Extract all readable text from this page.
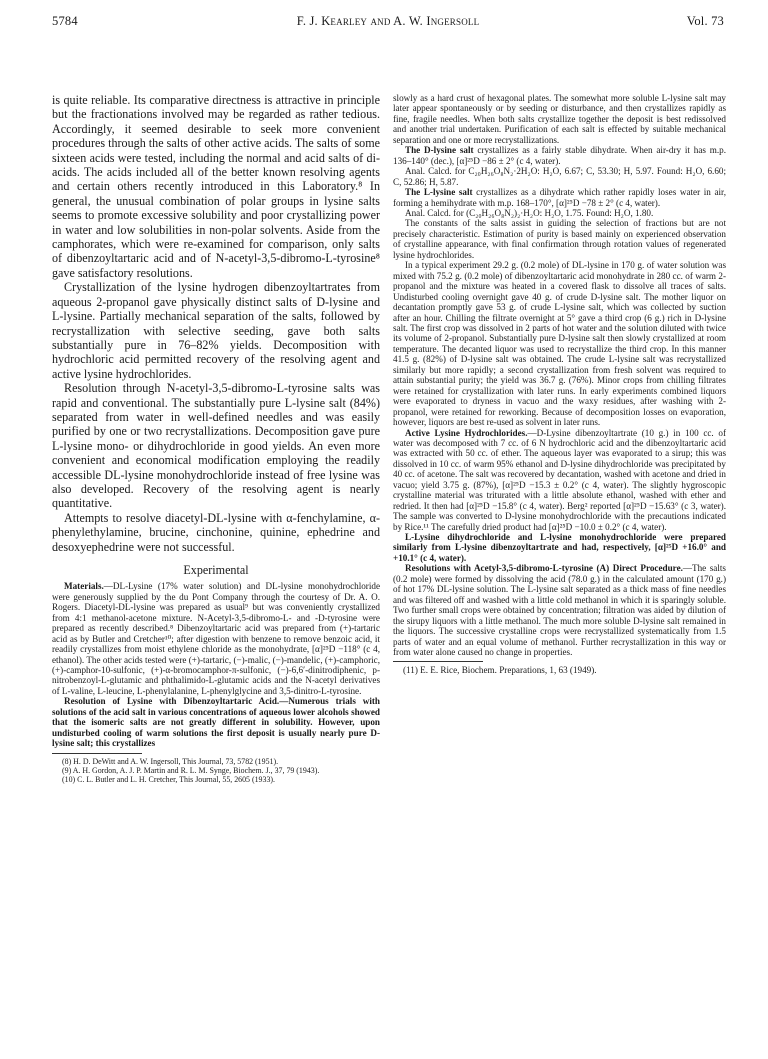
5784	F. J. Kearley and A. W. Ingersoll	Vol. 73

is quite reliable. Its comparative directness is attractive in principle but the fractionations involved may be regarded as rather tedious. Accordingly, it seemed desirable to seek more convenient procedures through the salts of other active acids. The salts of some sixteen acids were tested, including the normal and acid salts of di-acids. The acids included all of the better known resolving agents and certain others recently introduced in this Laboratory.⁸ In general, the unusual combination of polar groups in lysine salts seems to promote excessive solubility and poor crystallizing power in water and low solubilities in non-polar solvents. Aside from the camphorates, which were re-examined for comparison, only salts of dibenzoyltartaric acid and of N-acetyl-3,5-dibromo-L-tyrosine⁸ gave satisfactory resolutions.

Crystallization of the lysine hydrogen dibenzoyltartrates from aqueous 2-propanol gave physically distinct salts of D-lysine and L-lysine. Partially mechanical separation of the salts, followed by recrystallization with selective seeding, gave both salts substantially pure in 76–82% yields. Decomposition with hydrochloric acid permitted recovery of the resolving agent and active lysine hydrochlorides.

Resolution through N-acetyl-3,5-dibromo-L-tyrosine salts was rapid and conventional. The substantially pure L-lysine salt (84%) separated from water in well-defined needles and was easily purified by one or two recrystallizations. Decomposition gave pure L-lysine mono- or dihydrochloride in good yields. An even more convenient and economical modification employing the readily accessible DL-lysine monohydrochloride instead of free lysine was also developed. Recovery of the resolving agent is nearly quantitative.

Attempts to resolve diacetyl-DL-lysine with α-fenchylamine, α-phenylethylamine, brucine, cinchonine, quinine, ephedrine and desoxyephedrine were not successful.

Experimental

Materials.—DL-Lysine (17% water solution) and DL-lysine monohydrochloride were generously supplied by the du Pont Company through the courtesy of Dr. A. O. Rogers. Diacetyl-DL-lysine was prepared as usual⁹ but was conveniently crystallized from 4:1 methanol-acetone mixture. N-Acetyl-3,5-dibromo-L- and -D-tyrosine were prepared as recently described.⁸ Dibenzoyltartaric acid was prepared from (+)-tartaric acid as by Butler and Cretcher¹⁰; after digestion with benzene to remove benzoic acid, it readily crystallizes from moist ethylene chloride as the monohydrate, [α]²⁵D −118° (c 4, ethanol). The other acids tested were (+)-tartaric, (−)-malic, (−)-mandelic, (+)-camphoric, (+)-camphor-10-sulfonic, (+)-α-bromocamphor-π-sulfonic, (−)-6,6′-dinitrodiphenic, p-nitrobenzoyl-L-glutamic and phthalimido-L-glutamic acids and the N-acetyl derivatives of L-valine, L-leucine, L-phenylalanine, L-phenylglycine and 3,5-dinitro-L-tyrosine.

Resolution of Lysine with Dibenzoyltartaric Acid.—Numerous trials with solutions of the acid salt in various concentrations of aqueous lower alcohols showed that the isomeric salts are not greatly different in solubility. However, upon undisturbed cooling of warm solutions the first deposit is usually nearly pure D-lysine salt; this crystallizes

(8) H. D. DeWitt and A. W. Ingersoll, This Journal, 73, 5782 (1951).

(9) A. H. Gordon, A. J. P. Martin and R. L. M. Synge, Biochem. J., 37, 79 (1943).

(10) C. L. Butler and L. H. Cretcher, This Journal, 55, 2605 (1933).

slowly as a hard crust of hexagonal plates. The somewhat more soluble L-lysine salt may later appear spontaneously or by seeding or disturbance, and then crystallizes rapidly as fine, fragile needles. When both salts crystallize together the deposit is best redissolved and another trial undertaken. Purification of each salt is effected by suitable mechanical separation and one or more recrystallizations.

The D-lysine salt crystallizes as a fairly stable dihydrate. When air-dry it has m.p. 136–140° (dec.), [α]²⁵D −86 ± 2° (c 4, water).

Anal. Calcd. for C₂₀H₂₆O₈N₂·2H₂O: H₂O, 6.67; C, 53.30; H, 5.97. Found: H₂O, 6.60; C, 52.86; H, 5.87.

The L-lysine salt crystallizes as a dihydrate which rather rapidly loses water in air, forming a hemihydrate with m.p. 168–170°, [α]²⁵D −78 ± 2° (c 4, water).

Anal. Calcd. for (C₂₀H₂₆O₈N₂)₂·H₂O: H₂O, 1.75. Found: H₂O, 1.80.

The constants of the salts assist in guiding the selection of fractions but are not precisely characteristic. Estimation of purity is based mainly on experienced observation of crystalline appearance, with final confirmation through rotation values of regenerated lysine hydrochlorides.

In a typical experiment 29.2 g. (0.2 mole) of DL-lysine in 170 g. of water solution was mixed with 75.2 g. (0.2 mole) of dibenzoyltartaric acid monohydrate in 280 cc. of warm 2-propanol and the mixture was heated in a covered flask to dissolve all traces of salts. Undisturbed cooling overnight gave 40 g. of crude D-lysine salt. The mother liquor on decantation promptly gave 53 g. of crude L-lysine salt, which was collected by suction after an hour. Chilling the filtrate overnight at 5° gave a third crop (6 g.) rich in D-lysine salt. The first crop was dissolved in 2 parts of hot water and the solution diluted with twice its volume of 2-propanol. Substantially pure D-lysine salt then slowly crystallized at room temperature. The decanted liquor was used to recrystallize the third crop. In this manner 41.5 g. (82%) of D-lysine salt was obtained. The crude L-lysine salt was recrystallized similarly but more rapidly; a second crystallization from fresh solvent was required to attain substantial purity; the yield was 36.7 g. (76%). Minor crops from chilling filtrates were retained for crystallization with later runs. In early experiments combined liquors were evaporated to dryness in vacuo and the waxy residues, after washing with 2-propanol, were retained for reworking. Because of decomposition losses on evaporation, however, liquors are best re-used as solvent in later runs.

Active Lysine Hydrochlorides.—D-Lysine dibenzoyltartrate (10 g.) in 100 cc. of water was decomposed with 7 cc. of 6 N hydrochloric acid and the dibenzoyltartaric acid was extracted with 50 cc. of ether. The aqueous layer was evaporated to a sirup; this was dissolved in 10 cc. of warm 95% ethanol and D-lysine dihydrochloride was precipitated by 40 cc. of acetone. The salt was recovered by decantation, washed with acetone and dried in vacuo; yield 3.75 g. (87%), [α]²⁵D −15.3 ± 0.2° (c 4, water). The slightly hygroscopic crystalline material was triturated with a little absolute ethanol, washed with ether and redried. It then had [α]²⁵D −15.8° (c 4, water). Berg² reported [α]²⁵D −15.63° (c 3, water). The sample was converted to D-lysine monohydrochloride with the precautions indicated by Rice.¹¹ The carefully dried product had [α]²⁵D −10.0 ± 0.2° (c 4, water).

L-Lysine dihydrochloride and L-lysine monohydrochloride were prepared similarly from L-lysine dibenzoyltartrate and had, respectively, [α]²⁵D +16.0° and +10.1° (c 4, water).

Resolutions with Acetyl-3,5-dibromo-L-tyrosine (A) Direct Procedure.—The salts (0.2 mole) were formed by dissolving the acid (78.0 g.) in the calculated amount (170 g.) of hot 17% DL-lysine solution. The L-lysine salt separated as a thick mass of fine needles and was filtered off and washed with a little cold methanol in which it is sparingly soluble. Two further small crops were obtained by concentration; filtration was aided by dilution of the sirupy liquors with a little methanol. The much more soluble D-lysine salt remained in the liquors. The successive crystalline crops were recrystallized systematically from 1.5 parts of water and an equal volume of methanol. Further recrystallization in this way or from water alone caused no change in properties.

(11) E. E. Rice, Biochem. Preparations, 1, 63 (1949).
